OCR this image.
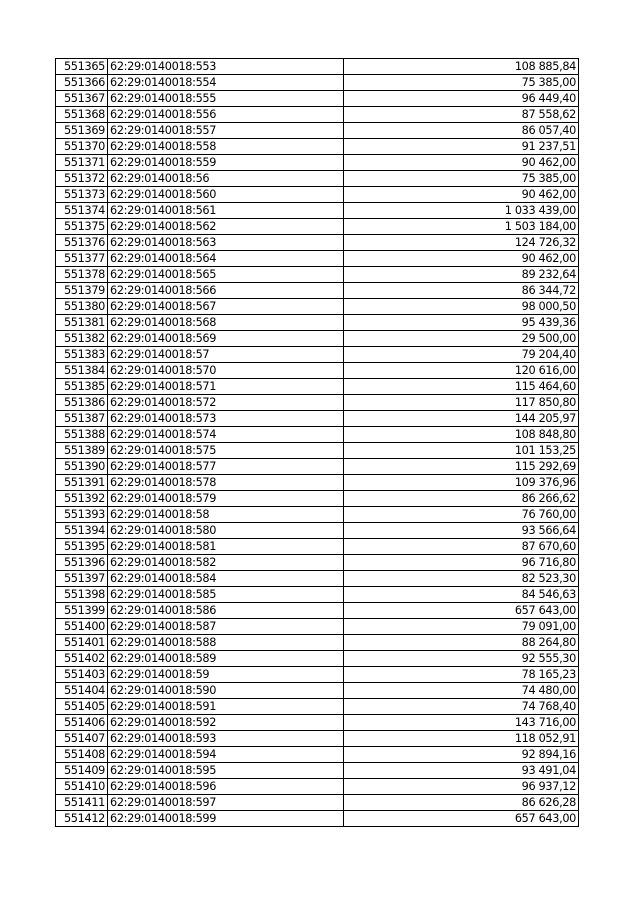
551365	62:29:0140018:553	108 885,84
551366	62:29:0140018:554	75 385,00
551367	62:29:0140018:555	96 449,40
551368	62:29:0140018:556	87 558,62
551369	62:29:0140018:557	86 057,40
551370	62:29:0140018:558	91 237,51
551371	62:29:0140018:559	90 462,00
551372	62:29:0140018:56	75 385,00
551373	62:29:0140018:560	90 462,00
551374	62:29:0140018:561	1 033 439,00
551375	62:29:0140018:562	1 503 184,00
551376	62:29:0140018:563	124 726,32
551377	62:29:0140018:564	90 462,00
551378	62:29:0140018:565	89 232,64
551379	62:29:0140018:566	86 344,72
551380	62:29:0140018:567	98 000,50
551381	62:29:0140018:568	95 439,36
551382	62:29:0140018:569	29 500,00
551383	62:29:0140018:57	79 204,40
551384	62:29:0140018:570	120 616,00
551385	62:29:0140018:571	115 464,60
551386	62:29:0140018:572	117 850,80
551387	62:29:0140018:573	144 205,97
551388	62:29:0140018:574	108 848,80
551389	62:29:0140018:575	101 153,25
551390	62:29:0140018:577	115 292,69
551391	62:29:0140018:578	109 376,96
551392	62:29:0140018:579	86 266,62
551393	62:29:0140018:58	76 760,00
551394	62:29:0140018:580	93 566,64
551395	62:29:0140018:581	87 670,60
551396	62:29:0140018:582	96 716,80
551397	62:29:0140018:584	82 523,30
551398	62:29:0140018:585	84 546,63
551399	62:29:0140018:586	657 643,00
551400	62:29:0140018:587	79 091,00
551401	62:29:0140018:588	88 264,80
551402	62:29:0140018:589	92 555,30
551403	62:29:0140018:59	78 165,23
551404	62:29:0140018:590	74 480,00
551405	62:29:0140018:591	74 768,40
551406	62:29:0140018:592	143 716,00
551407	62:29:0140018:593	118 052,91
551408	62:29:0140018:594	92 894,16
551409	62:29:0140018:595	93 491,04
551410	62:29:0140018:596	96 937,12
551411	62:29:0140018:597	86 626,28
551412	62:29:0140018:599	657 643,00
